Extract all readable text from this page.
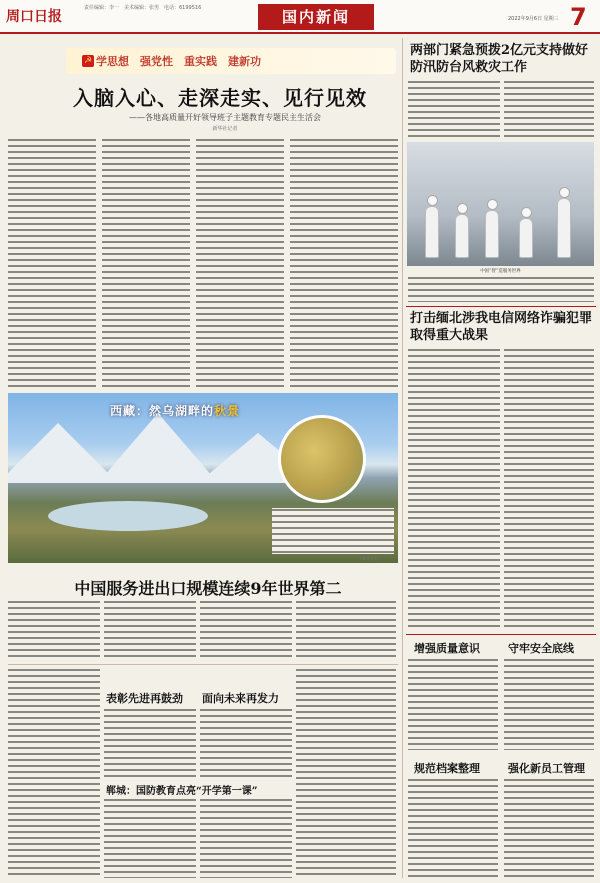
周口日报
责任编辑：李一　美术编辑：张男　电话：6199516	国内新闻	2022年9月6日 星期三 7
☭ 学思想　强党性　重实践　建新功
入脑入心、走深走实、见行见效
——各地高质量开好领导班子主题教育专题民主生活会
新华社记者
两部门紧急预拨2亿元支持做好防汛防台风救灾工作
中国“智”造服务世界
打击缅北涉我电信网络诈骗犯罪取得重大战果
西藏：然乌湖畔的秋景
（新华社发）
中国服务进出口规模连续9年世界第二
表彰先进再鼓劲 面向未来再发力
郸城：国防教育点亮“开学第一课”
增强质量意识	守牢安全底线
规范档案整理	强化新员工管理
